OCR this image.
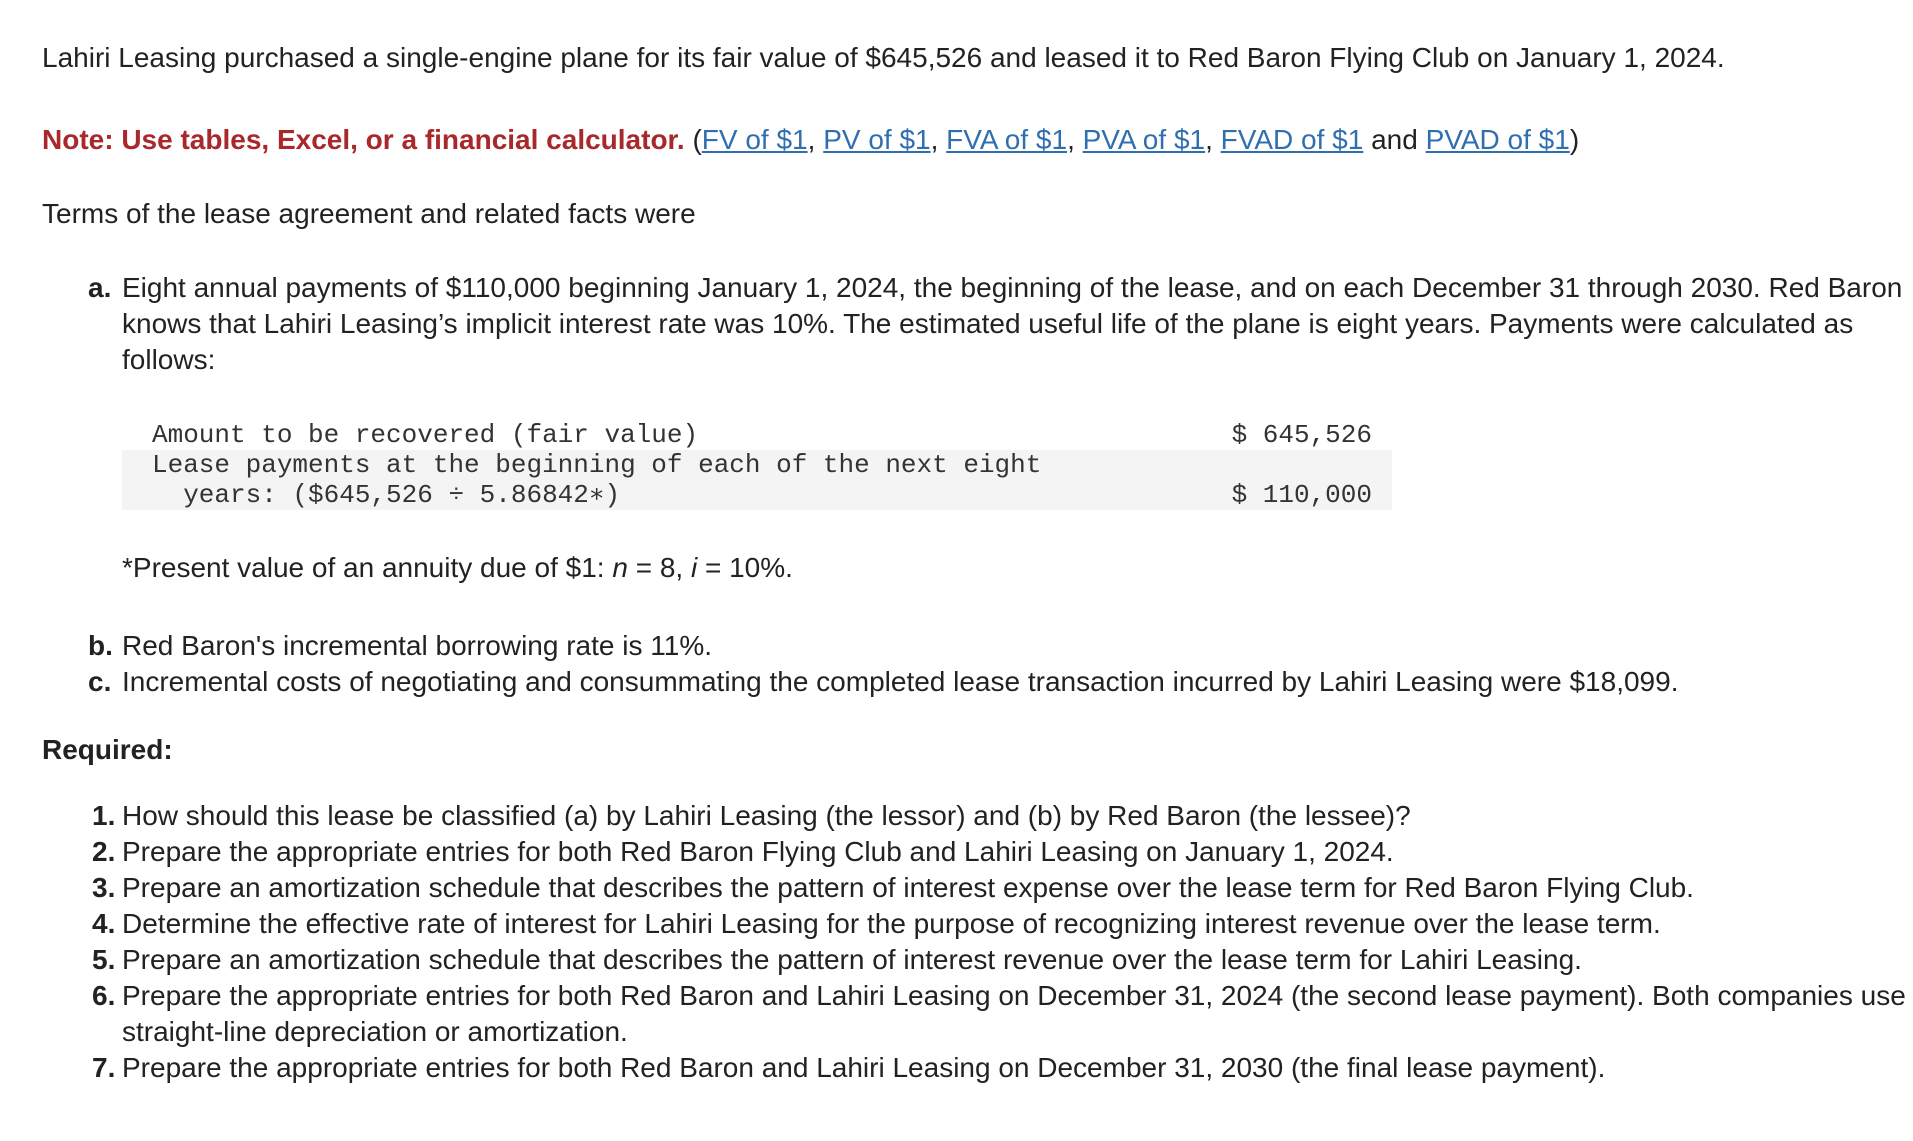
Lahiri Leasing purchased a single-engine plane for its fair value of $645,526 and leased it to Red Baron Flying Club on January 1, 2024.

Note: Use tables, Excel, or a financial calculator. (FV of $1, PV of $1, FVA of $1, PVA of $1, FVAD of $1 and PVAD of $1)

Terms of the lease agreement and related facts were

a. Eight annual payments of $110,000 beginning January 1, 2024, the beginning of the lease, and on each December 31 through 2030. Red Baron knows that Lahiri Leasing’s implicit interest rate was 10%. The estimated useful life of the plane is eight years. Payments were calculated as follows:
Amount to be recovered (fair value)	$ 645,526
Lease payments at the beginning of each of the next eight
years: ($645,526 ÷ 5.86842∗)	
$ 110,000

*Present value of an annuity due of $1: n = 8, i = 10%.

b. Red Baron's incremental borrowing rate is 11%.
c. Incremental costs of negotiating and consummating the completed lease transaction incurred by Lahiri Leasing were $18,099.

Required:

1. How should this lease be classified (a) by Lahiri Leasing (the lessor) and (b) by Red Baron (the lessee)?
2. Prepare the appropriate entries for both Red Baron Flying Club and Lahiri Leasing on January 1, 2024.
3. Prepare an amortization schedule that describes the pattern of interest expense over the lease term for Red Baron Flying Club.
4. Determine the effective rate of interest for Lahiri Leasing for the purpose of recognizing interest revenue over the lease term.
5. Prepare an amortization schedule that describes the pattern of interest revenue over the lease term for Lahiri Leasing.
6. Prepare the appropriate entries for both Red Baron and Lahiri Leasing on December 31, 2024 (the second lease payment). Both companies use straight-line depreciation or amortization.
7. Prepare the appropriate entries for both Red Baron and Lahiri Leasing on December 31, 2030 (the final lease payment).
